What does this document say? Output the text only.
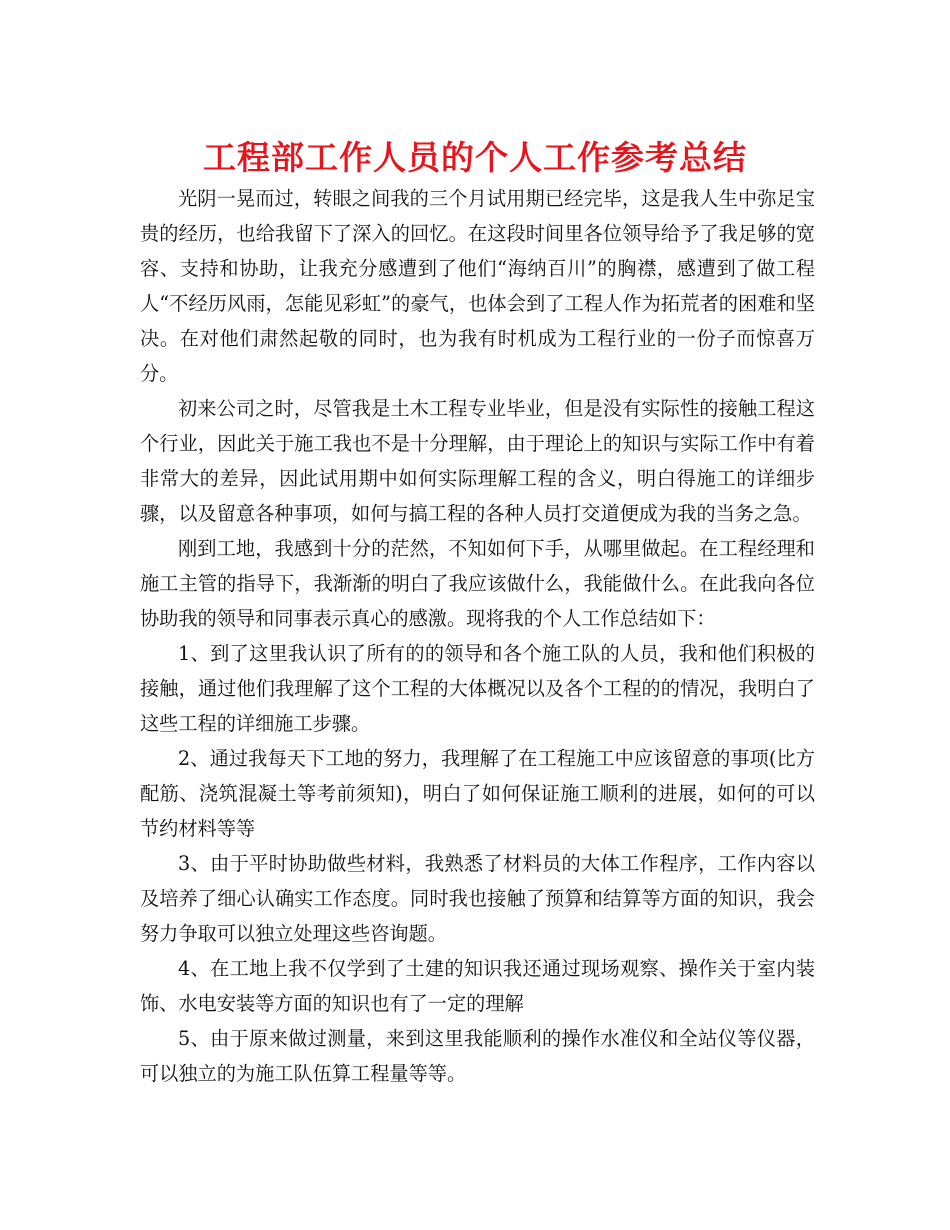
工程部工作人员的个人工作参考总结

光阴一晃而过，转眼之间我的三个月试用期已经完毕，这是我人生中弥足宝贵的经历，也给我留下了深入的回忆。在这段时间里各位领导给予了我足够的宽容、支持和协助，让我充分感遭到了他们“海纳百川”的胸襟，感遭到了做工程人“不经历风雨，怎能见彩虹”的豪气，也体会到了工程人作为拓荒者的困难和坚决。在对他们肃然起敬的同时，也为我有时机成为工程行业的一份子而惊喜万分。

初来公司之时，尽管我是土木工程专业毕业，但是没有实际性的接触工程这个行业，因此关于施工我也不是十分理解，由于理论上的知识与实际工作中有着非常大的差异，因此试用期中如何实际理解工程的含义，明白得施工的详细步骤，以及留意各种事项，如何与搞工程的各种人员打交道便成为我的当务之急。

刚到工地，我感到十分的茫然，不知如何下手，从哪里做起。在工程经理和施工主管的指导下，我渐渐的明白了我应该做什么，我能做什么。在此我向各位协助我的领导和同事表示真心的感激。现将我的个人工作总结如下：

1、到了这里我认识了所有的的领导和各个施工队的人员，我和他们积极的接触，通过他们我理解了这个工程的大体概况以及各个工程的的情况，我明白了这些工程的详细施工步骤。

2、通过我每天下工地的努力，我理解了在工程施工中应该留意的事项(比方配筋、浇筑混凝土等考前须知)，明白了如何保证施工顺利的进展，如何的可以节约材料等等

3、由于平时协助做些材料，我熟悉了材料员的大体工作程序，工作内容以及培养了细心认确实工作态度。同时我也接触了预算和结算等方面的知识，我会努力争取可以独立处理这些咨询题。

4、在工地上我不仅学到了土建的知识我还通过现场观察、操作关于室内装饰、水电安装等方面的知识也有了一定的理解

5、由于原来做过测量，来到这里我能顺利的操作水准仪和全站仪等仪器，可以独立的为施工队伍算工程量等等。
